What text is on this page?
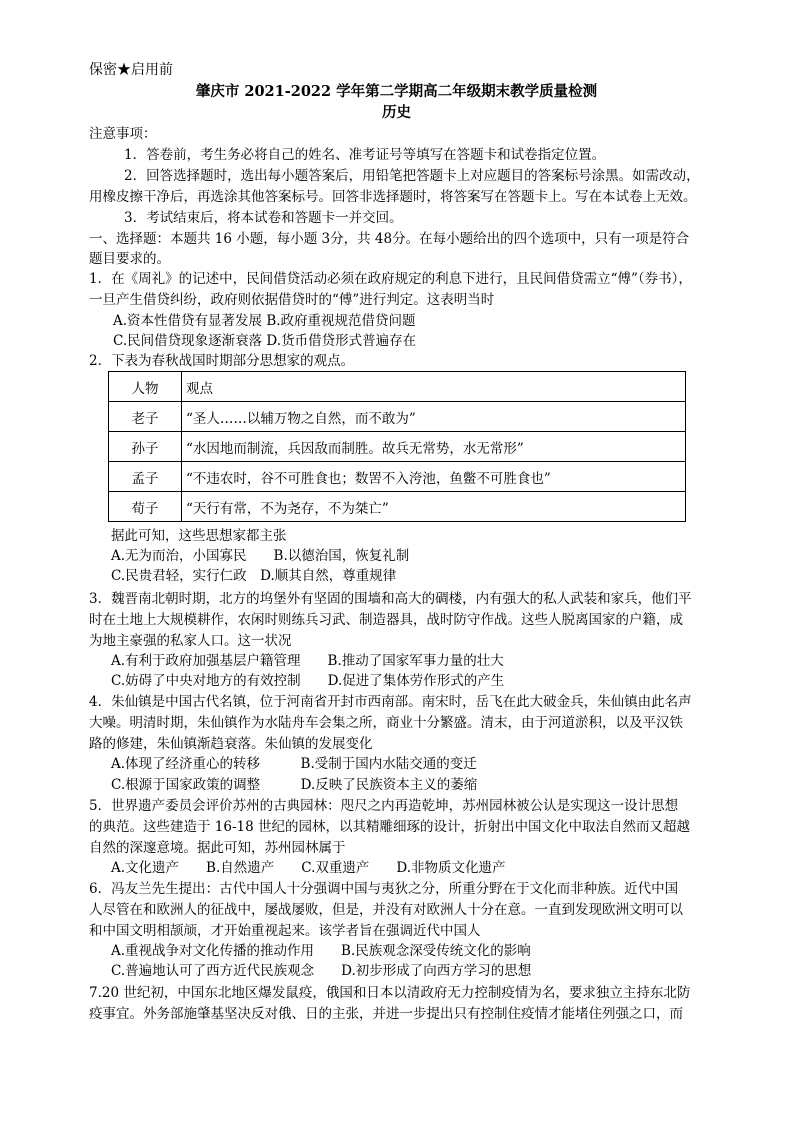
保密★启用前
肇庆市 2021-2022 学年第二学期高二年级期末教学质量检测
历史
注意事项：
1．答卷前，考生务必将自己的姓名、准考证号等填写在答题卡和试卷指定位置。
2．回答选择题时，选出每小题答案后，用铅笔把答题卡上对应题目的答案标号涂黑。如需改动，
用橡皮擦干净后，再选涂其他答案标号。回答非选择题时，将答案写在答题卡上。写在本试卷上无效。
3．考试结束后，将本试卷和答题卡一并交回。
一、选择题：本题共 16 小题，每小题 3分，共 48分。在每小题给出的四个选项中，只有一项是符合
题目要求的。
1．在《周礼》的记述中，民间借贷活动必须在政府规定的利息下进行，且民间借贷需立“傅”（券书），
一旦产生借贷纠纷，政府则依据借贷时的“傅”进行判定。这表明当时
A.资本性借贷有显著发展 B.政府重视规范借贷问题
C.民间借贷现象逐渐衰落 D.货币借贷形式普遍存在
2．下表为春秋战国时期部分思想家的观点。
人物	观点
老子	“圣人……以辅万物之自然，而不敢为”
孙子	“水因地而制流，兵因敌而制胜。故兵无常势，水无常形”
孟子	“不违农时，谷不可胜食也；数罟不入洿池，鱼鳖不可胜食也”
荀子	“天行有常，不为尧存，不为桀亡”
据此可知，这些思想家都主张
A.无为而治，小国寡民　　B.以德治国，恢复礼制
C.民贵君轻，实行仁政　D.顺其自然，尊重规律
3．魏晋南北朝时期，北方的坞堡外有坚固的围墙和高大的碉楼，内有强大的私人武装和家兵，他们平
时在土地上大规模耕作，农闲时则练兵习武、制造器具，战时防守作战。这些人脱离国家的户籍，成
为地主豪强的私家人口。这一状况
A.有利于政府加强基层户籍管理　　B.推动了国家军事力量的壮大
C.妨碍了中央对地方的有效控制　　D.促进了集体劳作形式的产生
4．朱仙镇是中国古代名镇，位于河南省开封市西南部。南宋时，岳飞在此大破金兵，朱仙镇由此名声
大噪。明清时期，朱仙镇作为水陆舟车会集之所，商业十分繁盛。清末，由于河道淤积，以及平汉铁
路的修建，朱仙镇渐趋衰落。朱仙镇的发展变化
A.体现了经济重心的转移　　　B.受制于国内水陆交通的变迁
C.根源于国家政策的调整　　　D.反映了民族资本主义的萎缩
5．世界遗产委员会评价苏州的古典园林：咫尺之内再造乾坤，苏州园林被公认是实现这一设计思想
的典范。这些建造于 16-18 世纪的园林，以其精雕细琢的设计，折射出中国文化中取法自然而又超越
自然的深邃意境。据此可知，苏州园林属于
A.文化遗产　　B.自然遗产　　C.双重遗产　　D.非物质文化遗产
6．冯友兰先生提出：古代中国人十分强调中国与夷狄之分，所重分野在于文化而非种族。近代中国
人尽管在和欧洲人的征战中，屡战屡败，但是，并没有对欧洲人十分在意。一直到发现欧洲文明可以
和中国文明相颉颃，才开始重视起来。该学者旨在强调近代中国人
A.重视战争对文化传播的推动作用　　B.民族观念深受传统文化的影响
C.普遍地认可了西方近代民族观念　　D.初步形成了向西方学习的思想
7.20 世纪初，中国东北地区爆发鼠疫，俄国和日本以清政府无力控制疫情为名，要求独立主持东北防
疫事宜。外务部施肇基坚决反对俄、日的主张，并进一步提出只有控制住疫情才能堵住列强之口，而
